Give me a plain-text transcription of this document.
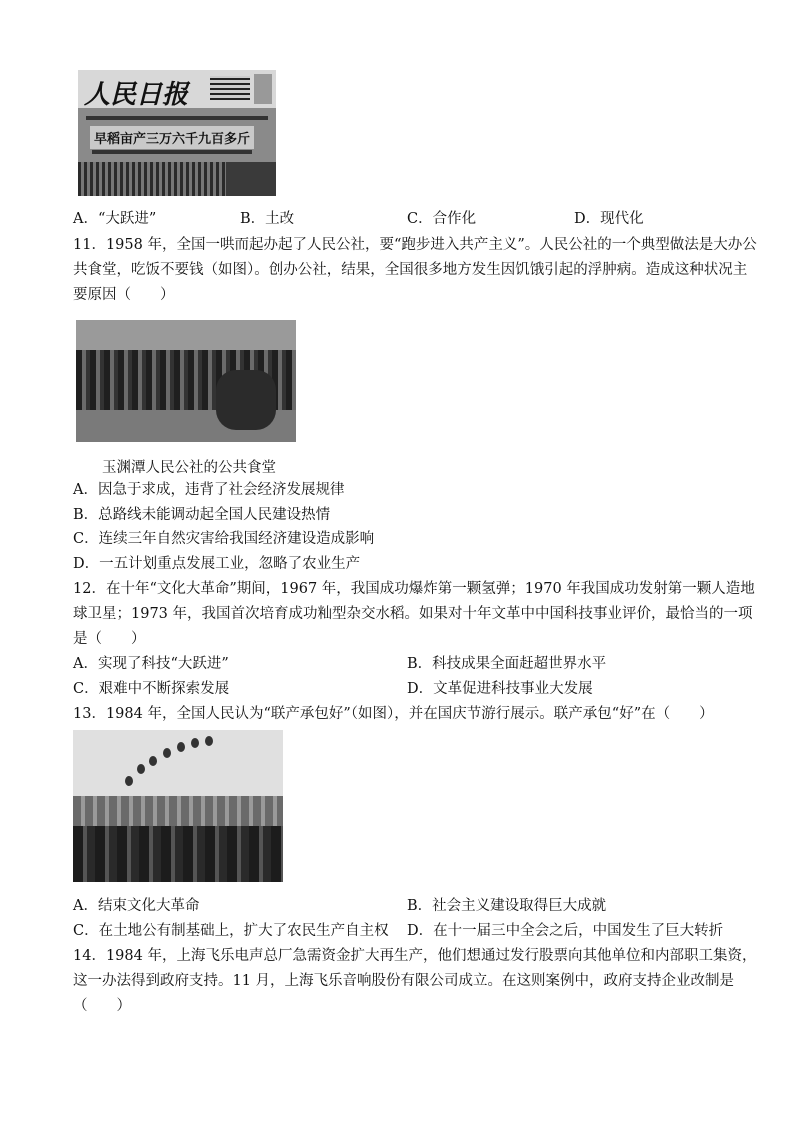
人民日报
早稻亩产三万六千九百多斤
A．“大跃进”	B．土改	C．合作化	D．现代化
11．1958 年，全国一哄而起办起了人民公社，要“跑步进入共产主义”。人民公社的一个典型做法是大办公
共食堂，吃饭不要钱（如图）。创办公社，结果，全国很多地方发生因饥饿引起的浮肿病。造成这种状况主
要原因（　　）
玉渊潭人民公社的公共食堂
A．因急于求成，违背了社会经济发展规律
B．总路线未能调动起全国人民建设热情
C．连续三年自然灾害给我国经济建设造成影响
D．一五计划重点发展工业，忽略了农业生产
12．在十年“文化大革命”期间，1967 年，我国成功爆炸第一颗氢弹；1970 年我国成功发射第一颗人造地
球卫星；1973 年，我国首次培育成功籼型杂交水稻。如果对十年文革中中国科技事业评价，最恰当的一项
是（　　）
A．实现了科技“大跃进”	B．科技成果全面赶超世界水平
C．艰难中不断探索发展	D．文革促进科技事业大发展
13．1984 年，全国人民认为“联产承包好”（如图），并在国庆节游行展示。联产承包“好”在（　　）
A．结束文化大革命	B．社会主义建设取得巨大成就
C．在土地公有制基础上，扩大了农民生产自主权 D．在十一届三中全会之后，中国发生了巨大转折
14．1984 年，上海飞乐电声总厂急需资金扩大再生产，他们想通过发行股票向其他单位和内部职工集资，
这一办法得到政府支持。11 月，上海飞乐音响股份有限公司成立。在这则案例中，政府支持企业改制是
（　　）
